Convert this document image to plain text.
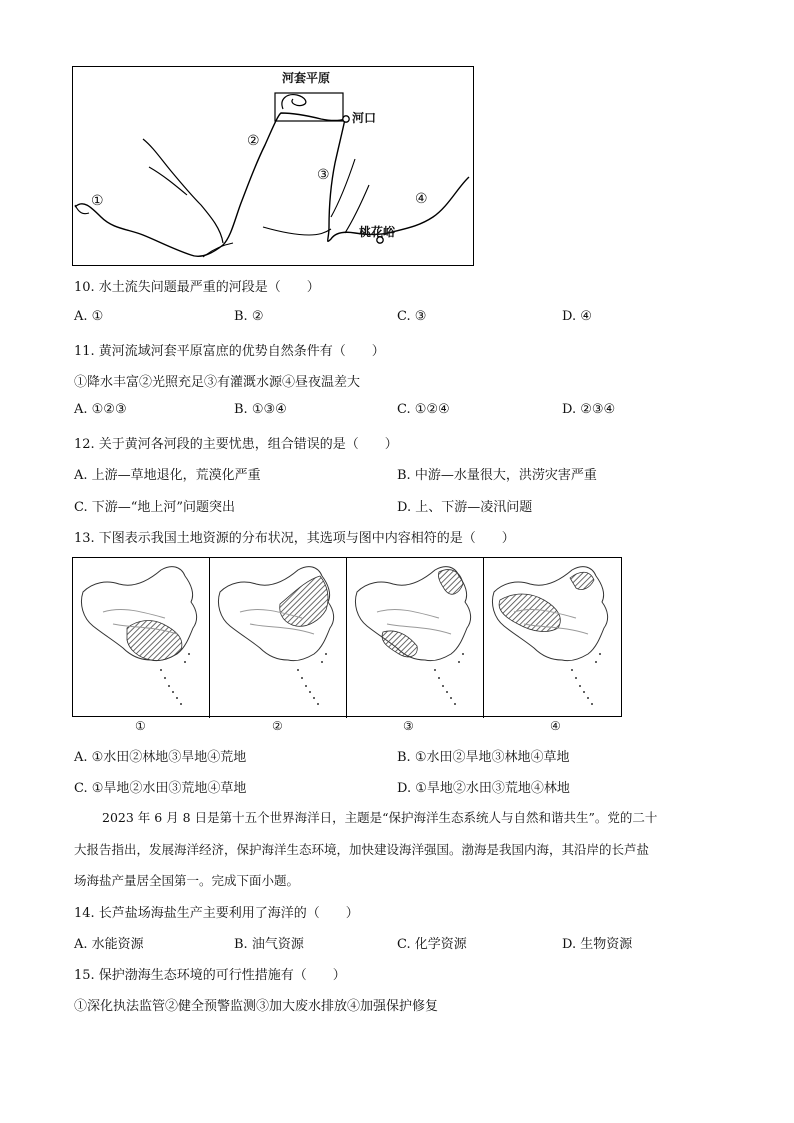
河套平原
河口
桃花峪
①
②
③
④
10. 水土流失问题最严重的河段是（　　）
A. ①	B. ②	C. ③	D. ④
11. 黄河流域河套平原富庶的优势自然条件有（　　）
①降水丰富②光照充足③有灌溉水源④昼夜温差大
A. ①②③	B. ①③④	C. ①②④	D. ②③④
12. 关于黄河各河段的主要忧患，组合错误的是（　　）
A. 上游—草地退化，荒漠化严重	B. 中游—水量很大，洪涝灾害严重
C. 下游—“地上河”问题突出	D. 上、下游—凌汛问题
13. 下图表示我国土地资源的分布状况，其选项与图中内容相符的是（　　）
①	②	③	④
A. ①水田②林地③旱地④荒地	B. ①水田②旱地③林地④草地
C. ①旱地②水田③荒地④草地	D. ①旱地②水田③荒地④林地
2023 年 6 月 8 日是第十五个世界海洋日，主题是“保护海洋生态系统人与自然和谐共生”。党的二十
大报告指出，发展海洋经济，保护海洋生态环境，加快建设海洋强国。渤海是我国内海，其沿岸的长芦盐
场海盐产量居全国第一。完成下面小题。
14. 长芦盐场海盐生产主要利用了海洋的（　　）
A. 水能资源	B. 油气资源	C. 化学资源	D. 生物资源
15. 保护渤海生态环境的可行性措施有（　　）
①深化执法监管②健全预警监测③加大废水排放④加强保护修复
